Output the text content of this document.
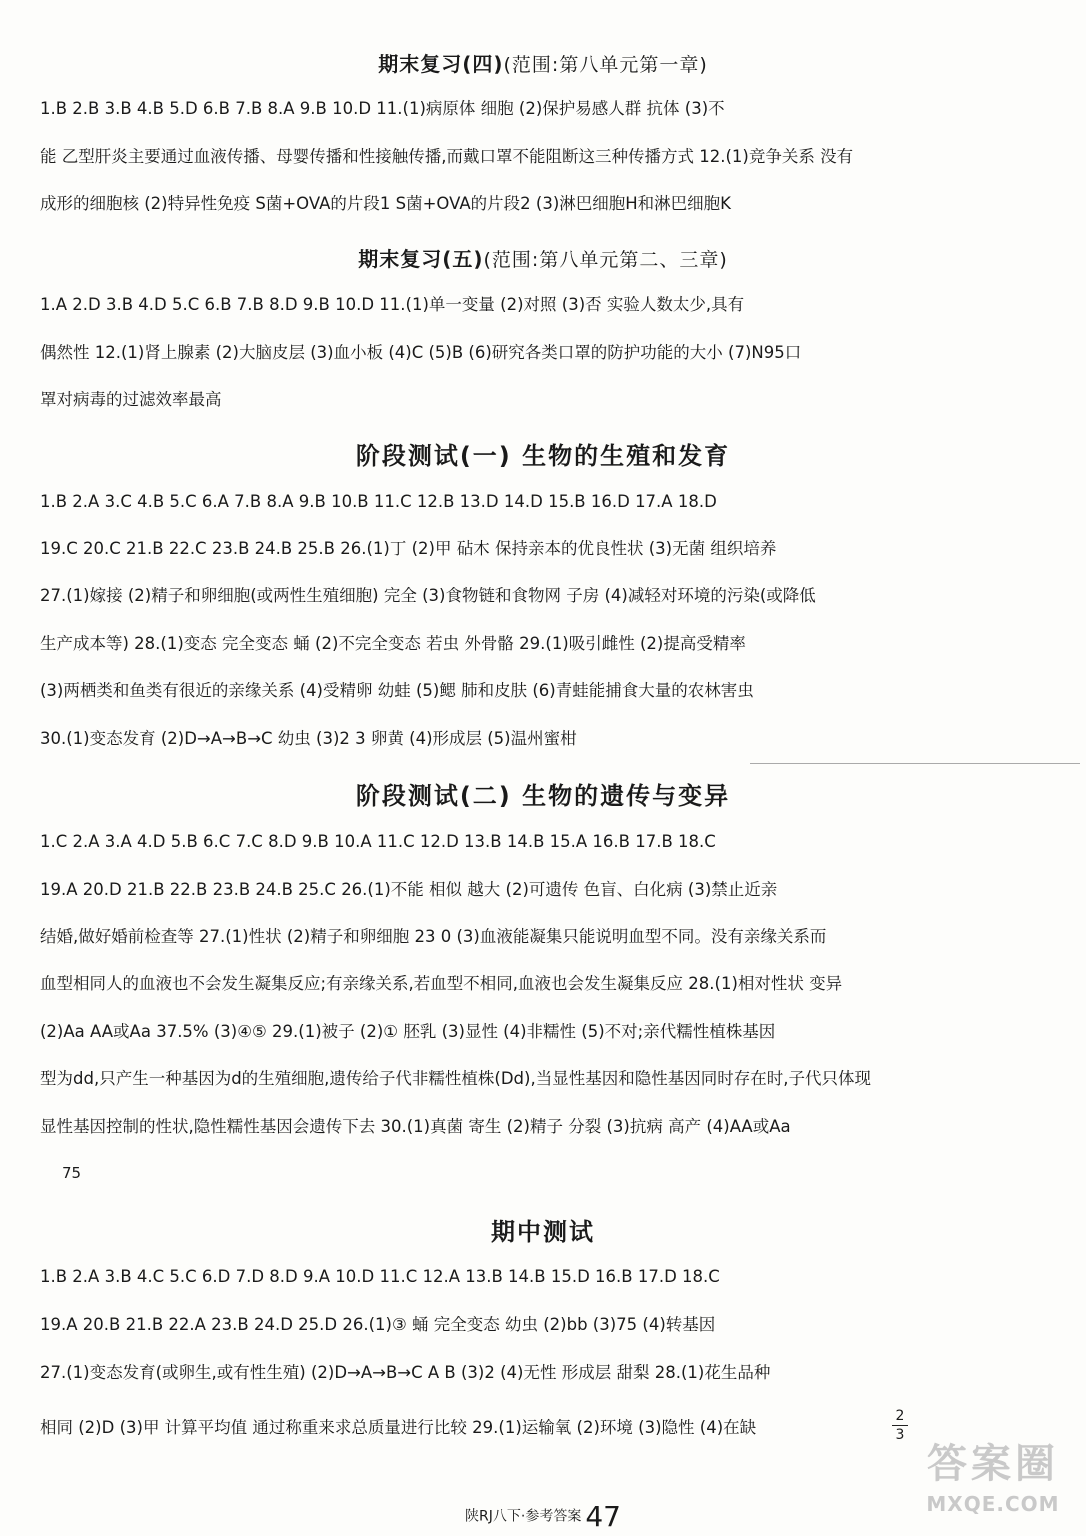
期末复习(四)(范围:第八单元第一章)
1.B 2.B 3.B 4.B 5.D 6.B 7.B 8.A 9.B 10.D 11.(1)病原体 细胞 (2)保护易感人群 抗体 (3)不
能 乙型肝炎主要通过血液传播、母婴传播和性接触传播,而戴口罩不能阻断这三种传播方式 12.(1)竞争关系 没有
成形的细胞核 (2)特异性免疫 S菌+OVA的片段1 S菌+OVA的片段2 (3)淋巴细胞H和淋巴细胞K
期末复习(五)(范围:第八单元第二、三章)
1.A 2.D 3.B 4.D 5.C 6.B 7.B 8.D 9.B 10.D 11.(1)单一变量 (2)对照 (3)否 实验人数太少,具有
偶然性 12.(1)肾上腺素 (2)大脑皮层 (3)血小板 (4)C (5)B (6)研究各类口罩的防护功能的大小 (7)N95口
罩对病毒的过滤效率最高
阶段测试(一) 生物的生殖和发育
1.B 2.A 3.C 4.B 5.C 6.A 7.B 8.A 9.B 10.B 11.C 12.B 13.D 14.D 15.B 16.D 17.A 18.D
19.C 20.C 21.B 22.C 23.B 24.B 25.B 26.(1)丁 (2)甲 砧木 保持亲本的优良性状 (3)无菌 组织培养
27.(1)嫁接 (2)精子和卵细胞(或两性生殖细胞) 完全 (3)食物链和食物网 子房 (4)减轻对环境的污染(或降低
生产成本等) 28.(1)变态 完全变态 蛹 (2)不完全变态 若虫 外骨骼 29.(1)吸引雌性 (2)提高受精率
(3)两栖类和鱼类有很近的亲缘关系 (4)受精卵 幼蛙 (5)鳃 肺和皮肤 (6)青蛙能捕食大量的农林害虫
30.(1)变态发育 (2)D→A→B→C 幼虫 (3)2 3 卵黄 (4)形成层 (5)温州蜜柑
阶段测试(二) 生物的遗传与变异
1.C 2.A 3.A 4.D 5.B 6.C 7.C 8.D 9.B 10.A 11.C 12.D 13.B 14.B 15.A 16.B 17.B 18.C
19.A 20.D 21.B 22.B 23.B 24.B 25.C 26.(1)不能 相似 越大 (2)可遗传 色盲、白化病 (3)禁止近亲
结婚,做好婚前检查等 27.(1)性状 (2)精子和卵细胞 23 0 (3)血液能凝集只能说明血型不同。没有亲缘关系而
血型相同人的血液也不会发生凝集反应;有亲缘关系,若血型不相同,血液也会发生凝集反应 28.(1)相对性状 变异
(2)Aa AA或Aa 37.5% (3)④⑤ 29.(1)被子 (2)① 胚乳 (3)显性 (4)非糯性 (5)不对;亲代糯性植株基因
型为dd,只产生一种基因为d的生殖细胞,遗传给子代非糯性植株(Dd),当显性基因和隐性基因同时存在时,子代只体现
显性基因控制的性状,隐性糯性基因会遗传下去 30.(1)真菌 寄生 (2)精子 分裂 (3)抗病 高产 (4)AA或Aa
75
期中测试
1.B 2.A 3.B 4.C 5.C 6.D 7.D 8.D 9.A 10.D 11.C 12.A 13.B 14.B 15.D 16.B 17.D 18.C
19.A 20.B 21.B 22.A 23.B 24.D 25.D 26.(1)③ 蛹 完全变态 幼虫 (2)bb (3)75 (4)转基因
27.(1)变态发育(或卵生,或有性生殖) (2)D→A→B→C A B (3)2 (4)无性 形成层 甜梨 28.(1)花生品种
相同 (2)D (3)甲 计算平均值 通过称重来求总质量进行比较 29.(1)运输氧 (2)环境 (3)隐性 (4)在缺
2
3
陕RJ八下·参考答案 47
答案圈
MXQE.COM
